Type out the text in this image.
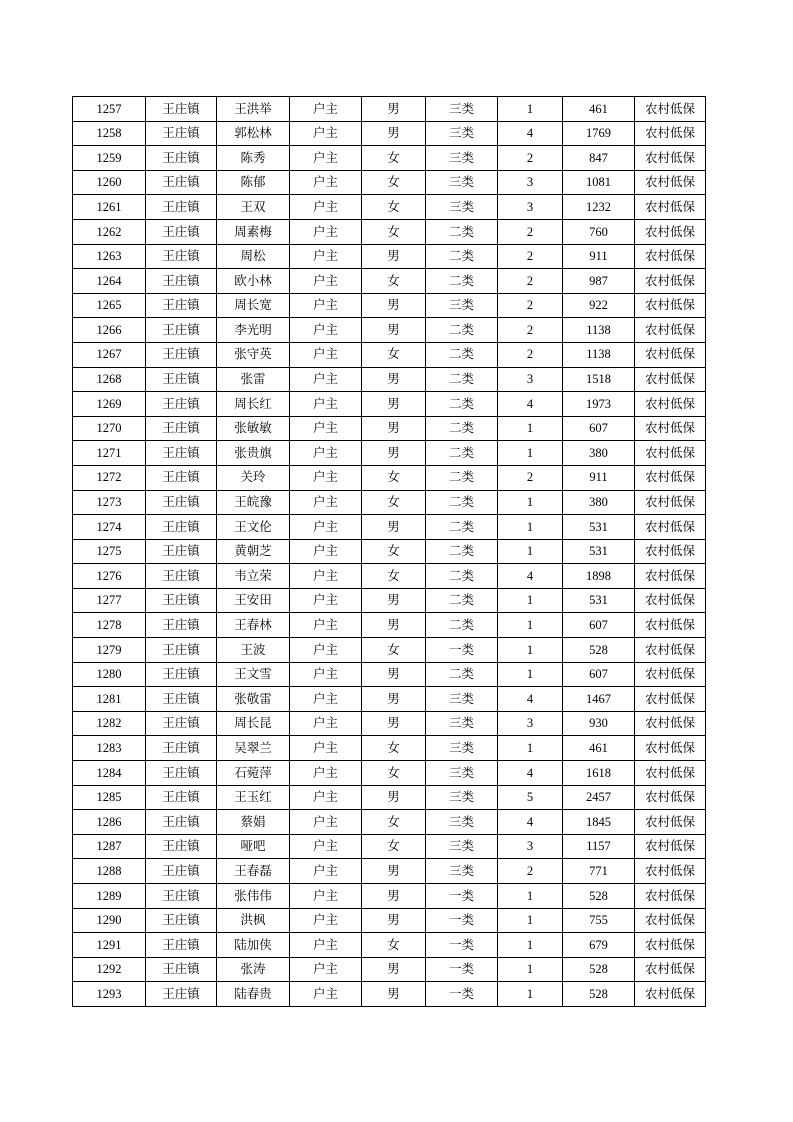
1257	王庄镇	王洪举	户主	男	三类	1	461	农村低保
1258	王庄镇	郭松林	户主	男	三类	4	1769	农村低保
1259	王庄镇	陈秀	户主	女	三类	2	847	农村低保
1260	王庄镇	陈郁	户主	女	三类	3	1081	农村低保
1261	王庄镇	王双	户主	女	三类	3	1232	农村低保
1262	王庄镇	周素梅	户主	女	二类	2	760	农村低保
1263	王庄镇	周松	户主	男	二类	2	911	农村低保
1264	王庄镇	欧小林	户主	女	二类	2	987	农村低保
1265	王庄镇	周长宽	户主	男	三类	2	922	农村低保
1266	王庄镇	李光明	户主	男	二类	2	1138	农村低保
1267	王庄镇	张守英	户主	女	二类	2	1138	农村低保
1268	王庄镇	张雷	户主	男	二类	3	1518	农村低保
1269	王庄镇	周长红	户主	男	二类	4	1973	农村低保
1270	王庄镇	张敏敏	户主	男	二类	1	607	农村低保
1271	王庄镇	张贵旗	户主	男	二类	1	380	农村低保
1272	王庄镇	关玲	户主	女	二类	2	911	农村低保
1273	王庄镇	王皖豫	户主	女	二类	1	380	农村低保
1274	王庄镇	王文伦	户主	男	二类	1	531	农村低保
1275	王庄镇	黄朝芝	户主	女	二类	1	531	农村低保
1276	王庄镇	韦立荣	户主	女	二类	4	1898	农村低保
1277	王庄镇	王安田	户主	男	二类	1	531	农村低保
1278	王庄镇	王春林	户主	男	二类	1	607	农村低保
1279	王庄镇	王波	户主	女	一类	1	528	农村低保
1280	王庄镇	王文雪	户主	男	二类	1	607	农村低保
1281	王庄镇	张敬雷	户主	男	三类	4	1467	农村低保
1282	王庄镇	周长昆	户主	男	三类	3	930	农村低保
1283	王庄镇	吴翠兰	户主	女	三类	1	461	农村低保
1284	王庄镇	石菀萍	户主	女	三类	4	1618	农村低保
1285	王庄镇	王玉红	户主	男	三类	5	2457	农村低保
1286	王庄镇	蔡娟	户主	女	三类	4	1845	农村低保
1287	王庄镇	哑吧	户主	女	三类	3	1157	农村低保
1288	王庄镇	王春磊	户主	男	三类	2	771	农村低保
1289	王庄镇	张伟伟	户主	男	一类	1	528	农村低保
1290	王庄镇	洪枫	户主	男	一类	1	755	农村低保
1291	王庄镇	陆加侠	户主	女	一类	1	679	农村低保
1292	王庄镇	张涛	户主	男	一类	1	528	农村低保
1293	王庄镇	陆春贵	户主	男	一类	1	528	农村低保
